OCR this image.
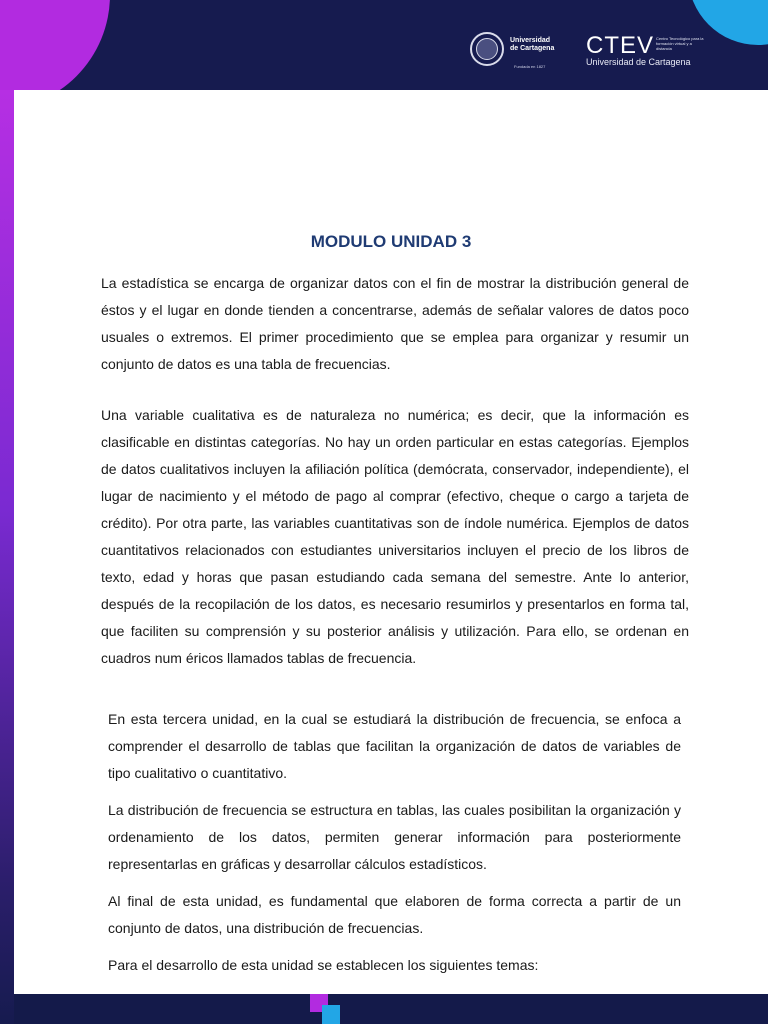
Universidad
de Cartagena
Fundada en 1827
CTEV Centro Tecnológico para la formación virtual y a distancia
Universidad de Cartagena
MODULO UNIDAD 3

La estadística se encarga de organizar datos con el fin de mostrar la distribución general de éstos y el lugar en donde tienden a concentrarse, además de señalar valores de datos poco usuales o extremos. El primer procedimiento que se emplea para organizar y resumir un conjunto de datos es una tabla de frecuencias.

Una variable cualitativa es de naturaleza no numérica; es decir, que la información es clasificable en distintas categorías. No hay un orden particular en estas categorías. Ejemplos de datos cualitativos incluyen la afiliación política (demócrata, conservador, independiente), el lugar de nacimiento y el método de pago al comprar (efectivo, cheque o cargo a tarjeta de crédito). Por otra parte, las variables cuantitativas son de índole numérica. Ejemplos de datos cuantitativos relacionados con estudiantes universitarios incluyen el precio de los libros de texto, edad y horas que pasan estudiando cada semana del semestre. Ante lo anterior, después de la recopilación de los datos, es necesario resumirlos y presentarlos en forma tal, que faciliten su comprensión y su posterior análisis y utilización. Para ello, se ordenan en cuadros num éricos llamados tablas de frecuencia.

En esta tercera unidad, en la cual se estudiará la distribución de frecuencia, se enfoca a comprender el desarrollo de tablas que facilitan la organización de datos de variables de tipo cualitativo o cuantitativo.

La distribución de frecuencia se estructura en tablas, las cuales posibilitan la organización y ordenamiento de los datos, permiten generar información para posteriormente representarlas en gráficas y desarrollar cálculos estadísticos.

Al final de esta unidad, es fundamental que elaboren de forma correcta a partir de un conjunto de datos, una distribución de frecuencias.

Para el desarrollo de esta unidad se establecen los siguientes temas:
